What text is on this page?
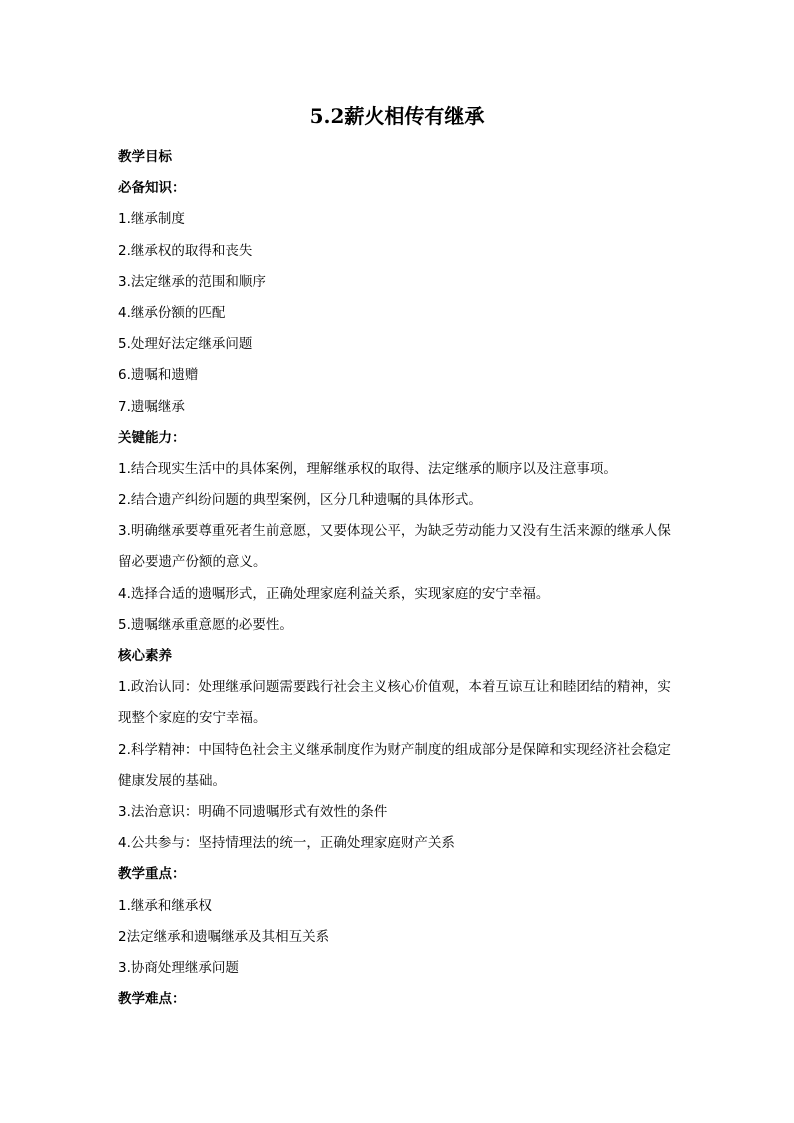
5.2薪火相传有继承
教学目标
必备知识：
1.继承制度
2.继承权的取得和丧失
3.法定继承的范围和顺序
4.继承份额的匹配
5.处理好法定继承问题
6.遗嘱和遗赠
7.遗嘱继承
关键能力：
1.结合现实生活中的具体案例，理解继承权的取得、法定继承的顺序以及注意事项。
2.结合遗产纠纷问题的典型案例，区分几种遗嘱的具体形式。
3.明确继承要尊重死者生前意愿，又要体现公平，为缺乏劳动能力又没有生活来源的继承人保留必要遗产份额的意义。
4.选择合适的遗嘱形式，正确处理家庭利益关系，实现家庭的安宁幸福。
5.遗嘱继承重意愿的必要性。
核心素养
1.政治认同：处理继承问题需要践行社会主义核心价值观，本着互谅互让和睦团结的精神，实现整个家庭的安宁幸福。
2.科学精神：中国特色社会主义继承制度作为财产制度的组成部分是保障和实现经济社会稳定健康发展的基础。
3.法治意识：明确不同遗嘱形式有效性的条件
4.公共参与：坚持情理法的统一，正确处理家庭财产关系
教学重点：
1.继承和继承权
2法定继承和遗嘱继承及其相互关系
3.协商处理继承问题
教学难点：
